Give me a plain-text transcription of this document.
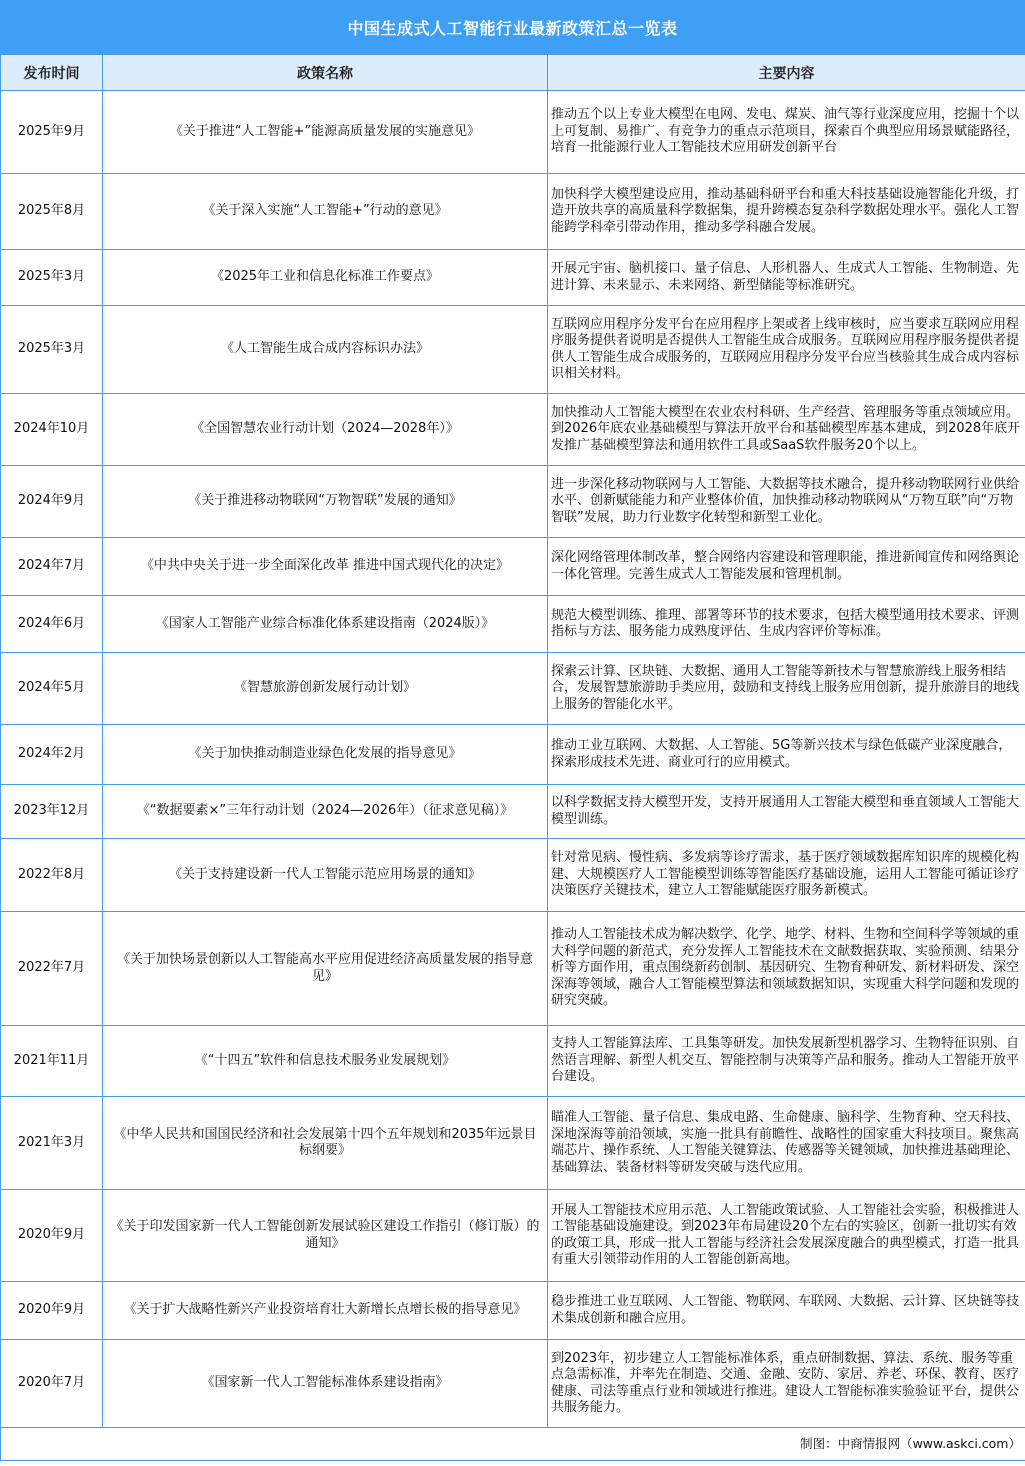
中国生成式人工智能行业最新政策汇总一览表
发布时间	政策名称	主要内容
2025年9月	《关于推进“人工智能+”能源高质量发展的实施意见》	推动五个以上专业大模型在电网、发电、煤炭、油气等行业深度应用，挖掘十个以上可复制、易推广、有竞争力的重点示范项目，探索百个典型应用场景赋能路径，培育一批能源行业人工智能技术应用研发创新平台
2025年8月	《关于深入实施“人工智能+”行动的意见》	加快科学大模型建设应用，推动基础科研平台和重大科技基础设施智能化升级，打造开放共享的高质量科学数据集，提升跨模态复杂科学数据处理水平。强化人工智能跨学科牵引带动作用，推动多学科融合发展。
2025年3月	《2025年工业和信息化标准工作要点》	开展元宇宙、脑机接口、量子信息、人形机器人、生成式人工智能、生物制造、先进计算、未来显示、未来网络、新型储能等标准研究。
2025年3月	《人工智能生成合成内容标识办法》	互联网应用程序分发平台在应用程序上架或者上线审核时，应当要求互联网应用程序服务提供者说明是否提供人工智能生成合成服务。互联网应用程序服务提供者提供人工智能生成合成服务的，互联网应用程序分发平台应当核验其生成合成内容标识相关材料。
2024年10月	《全国智慧农业行动计划（2024—2028年）》	加快推动人工智能大模型在农业农村科研、生产经营、管理服务等重点领域应用。到2026年底农业基础模型与算法开放平台和基础模型库基本建成，到2028年底开发推广基础模型算法和通用软件工具或SaaS软件服务20个以上。
2024年9月	《关于推进移动物联网“万物智联”发展的通知》	进一步深化移动物联网与人工智能、大数据等技术融合，提升移动物联网行业供给水平、创新赋能能力和产业整体价值，加快推动移动物联网从“万物互联”向“万物智联”发展，助力行业数字化转型和新型工业化。
2024年7月	《中共中央关于进一步全面深化改革 推进中国式现代化的决定》	深化网络管理体制改革，整合网络内容建设和管理职能，推进新闻宣传和网络舆论一体化管理。完善生成式人工智能发展和管理机制。
2024年6月	《国家人工智能产业综合标准化体系建设指南（2024版）》	规范大模型训练、推理、部署等环节的技术要求，包括大模型通用技术要求、评测指标与方法、服务能力成熟度评估、生成内容评价等标准。
2024年5月	《智慧旅游创新发展行动计划》	探索云计算、区块链、大数据、通用人工智能等新技术与智慧旅游线上服务相结合，发展智慧旅游助手类应用，鼓励和支持线上服务应用创新，提升旅游目的地线上服务的智能化水平。
2024年2月	《关于加快推动制造业绿色化发展的指导意见》	推动工业互联网、大数据、人工智能、5G等新兴技术与绿色低碳产业深度融合，探索形成技术先进、商业可行的应用模式。
2023年12月	《“数据要素×”三年行动计划（2024—2026年）（征求意见稿）》	以科学数据支持大模型开发，支持开展通用人工智能大模型和垂直领域人工智能大模型训练。
2022年8月	《关于支持建设新一代人工智能示范应用场景的通知》	针对常见病、慢性病、多发病等诊疗需求，基于医疗领域数据库知识库的规模化构建、大规模医疗人工智能模型训练等智能医疗基础设施，运用人工智能可循证诊疗决策医疗关键技术，建立人工智能赋能医疗服务新模式。
2022年7月	《关于加快场景创新以人工智能高水平应用促进经济高质量发展的指导意见》	推动人工智能技术成为解决数学、化学、地学、材料、生物和空间科学等领域的重大科学问题的新范式，充分发挥人工智能技术在文献数据获取、实验预测、结果分析等方面作用，重点围绕新药创制、基因研究、生物育种研发、新材料研发、深空深海等领域，融合人工智能模型算法和领域数据知识，实现重大科学问题和发现的研究突破。
2021年11月	《“十四五”软件和信息技术服务业发展规划》	支持人工智能算法库、工具集等研发。加快发展新型机器学习、生物特征识别、自然语言理解、新型人机交互、智能控制与决策等产品和服务。推动人工智能开放平台建设。
2021年3月	《中华人民共和国国民经济和社会发展第十四个五年规划和2035年远景目标纲要》	瞄准人工智能、量子信息、集成电路、生命健康、脑科学、生物育种、空天科技、深地深海等前沿领域，实施一批具有前瞻性、战略性的国家重大科技项目。聚焦高端芯片、操作系统、人工智能关键算法、传感器等关键领域，加快推进基础理论、基础算法、装备材料等研发突破与迭代应用。
2020年9月	《关于印发国家新一代人工智能创新发展试验区建设工作指引（修订版）的通知》	开展人工智能技术应用示范、人工智能政策试验、人工智能社会实验，积极推进人工智能基础设施建设。到2023年布局建设20个左右的实验区，创新一批切实有效的政策工具，形成一批人工智能与经济社会发展深度融合的典型模式，打造一批具有重大引领带动作用的人工智能创新高地。
2020年9月	《关于扩大战略性新兴产业投资培育壮大新增长点增长极的指导意见》	稳步推进工业互联网、人工智能、物联网、车联网、大数据、云计算、区块链等技术集成创新和融合应用。
2020年7月	《国家新一代人工智能标准体系建设指南》	到2023年，初步建立人工智能标准体系，重点研制数据、算法、系统、服务等重点急需标准，并率先在制造、交通、金融、安防、家居、养老、环保、教育、医疗健康、司法等重点行业和领域进行推进。建设人工智能标准实验验证平台，提供公共服务能力。
制图：中商情报网（www.askci.com）		
